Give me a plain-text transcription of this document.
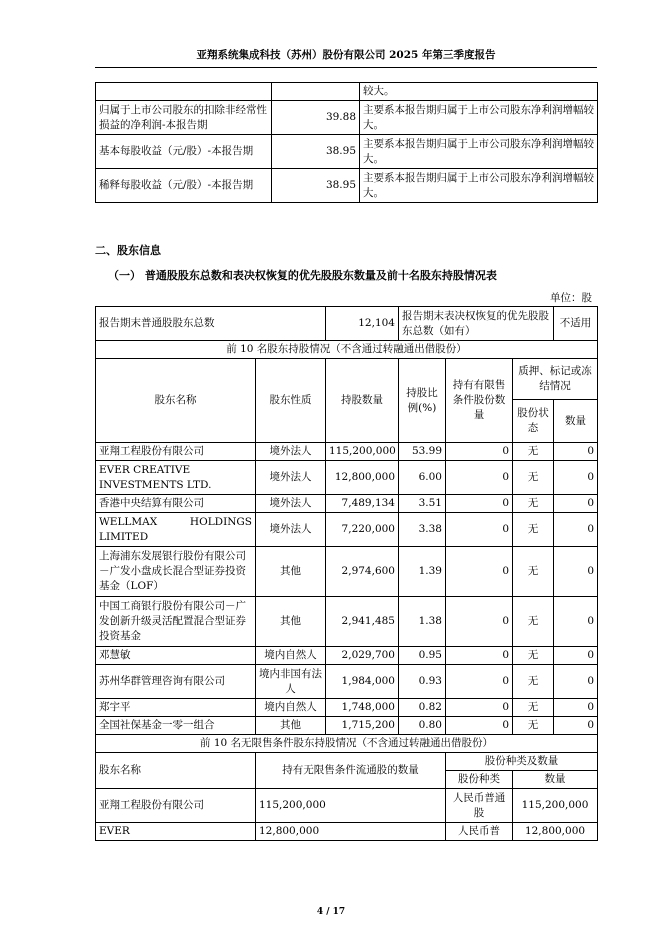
亚翔系统集成科技（苏州）股份有限公司 2025 年第三季度报告
		较大。
归属于上市公司股东的扣除非经常性损益的净利润-本报告期	39.88	主要系本报告期归属于上市公司股东净利润增幅较大。
基本每股收益（元/股）-本报告期	38.95	主要系本报告期归属于上市公司股东净利润增幅较大。
稀释每股收益（元/股）-本报告期	38.95	主要系本报告期归属于上市公司股东净利润增幅较大。
二、股东信息
（一） 普通股股东总数和表决权恢复的优先股股东数量及前十名股东持股情况表
单位：股
报告期末普通股股东总数		12,104	报告期末表决权恢复的优先股股东总数（如有）			不适用
前 10 名股东持股情况（不含通过转融通出借股份）						
股东名称	股东性质	持股数量	持股比例(%)	持有有限售条件股份数量	质押、标记或冻结情况	
					股份状态	数量
亚翔工程股份有限公司	境外法人	115,200,000	53.99	0	无	0
EVER CREATIVE INVESTMENTS LTD.	境外法人	12,800,000	6.00	0	无	0
香港中央结算有限公司	境外法人	7,489,134	3.51	0	无	0
WELLMAX HOLDINGS LIMITED	境外法人	7,220,000	3.38	0	无	0
上海浦东发展银行股份有限公司－广发小盘成长混合型证券投资基金（LOF）	其他	2,974,600	1.39	0	无	0
中国工商银行股份有限公司－广发创新升级灵活配置混合型证券投资基金	其他	2,941,485	1.38	0	无	0
邓慧敏	境内自然人	2,029,700	0.95	0	无	0
苏州华群管理咨询有限公司	境内非国有法人	1,984,000	0.93	0	无	0
郑宇平	境内自然人	1,748,000	0.82	0	无	0
全国社保基金一零一组合	其他	1,715,200	0.80	0	无	0
前 10 名无限售条件股东持股情况（不含通过转融通出借股份）						
股东名称	持有无限售条件流通股的数量			股份种类及数量		
				股份种类	数量	
亚翔工程股份有限公司	115,200,000			人民币普通股	115,200,000	
EVER	12,800,000			人民币普	12,800,000	
4 / 17
